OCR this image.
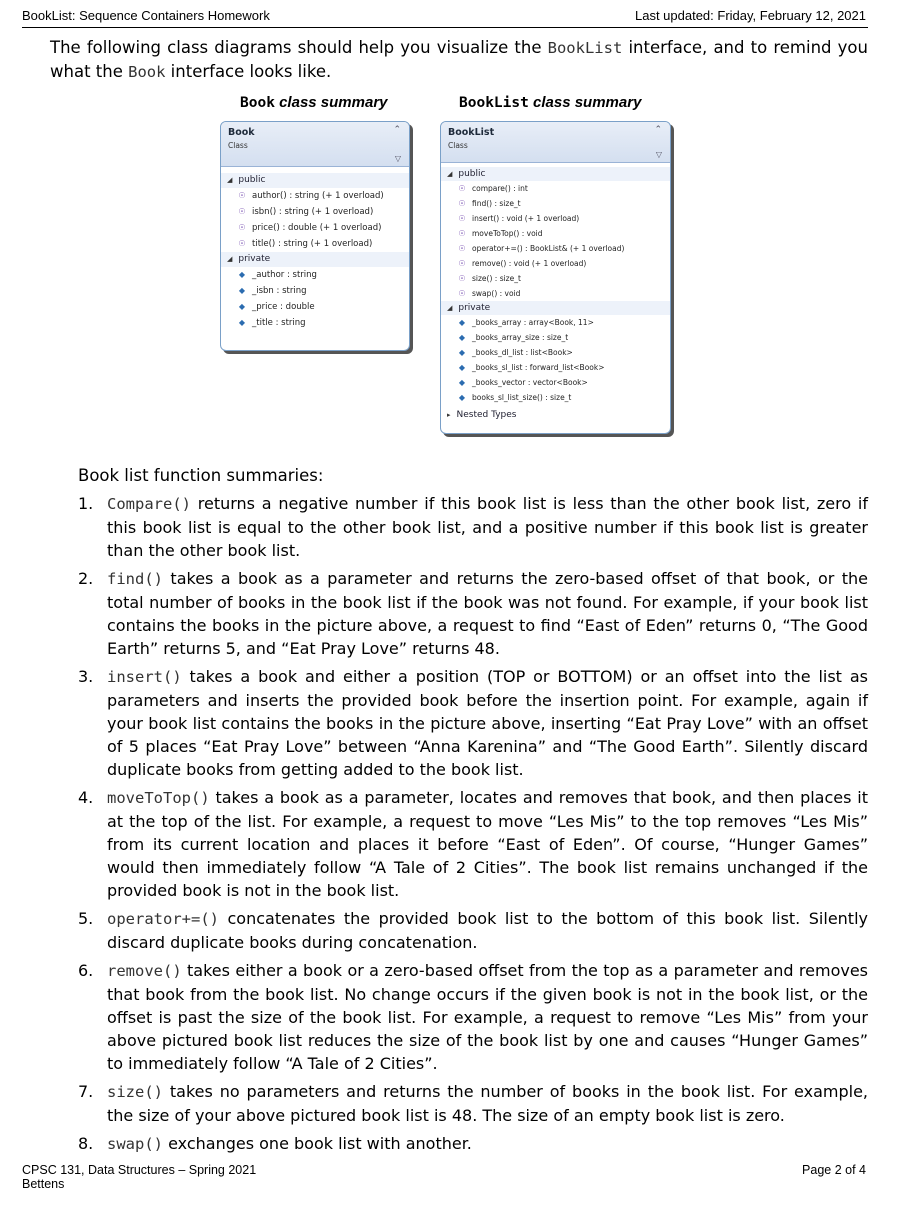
BookList: Sequence Containers Homework	Last updated: Friday, February 12, 2021
The following class diagrams should help you visualize the BookList interface, and to remind you what the Book interface looks like.
Book class summary	BookList class summary
Book
Class
⌃
▽
◢ public
☉ author() : string (+ 1 overload)
☉ isbn() : string (+ 1 overload)
☉ price() : double (+ 1 overload)
☉ title() : string (+ 1 overload)
◢ private
◆ _author : string
◆ _isbn : string
◆ _price : double
◆ _title : string
BookList
Class
⌃
▽
◢ public
☉ compare() : int
☉ find() : size_t
☉ insert() : void (+ 1 overload)
☉ moveToTop() : void
☉ operator+=() : BookList& (+ 1 overload)
☉ remove() : void (+ 1 overload)
☉ size() : size_t
☉ swap() : void
◢ private
◆ _books_array : array<Book, 11>
◆ _books_array_size : size_t
◆ _books_dl_list : list<Book>
◆ _books_sl_list : forward_list<Book>
◆ _books_vector : vector<Book>
◆ books_sl_list_size() : size_t
▸ Nested Types
Book list function summaries:
1. Compare() returns a negative number if this book list is less than the other book list, zero if this book list is equal to the other book list, and a positive number if this book list is greater than the other book list.
2. find() takes a book as a parameter and returns the zero-based offset of that book, or the total number of books in the book list if the book was not found. For example, if your book list contains the books in the picture above, a request to find “East of Eden” returns 0, “The Good Earth” returns 5, and “Eat Pray Love” returns 48.
3. insert() takes a book and either a position (TOP or BOTTOM) or an offset into the list as parameters and inserts the provided book before the insertion point. For example, again if your book list contains the books in the picture above, inserting “Eat Pray Love” with an offset of 5 places “Eat Pray Love” between “Anna Karenina” and “The Good Earth”. Silently discard duplicate books from getting added to the book list.
4. moveToTop() takes a book as a parameter, locates and removes that book, and then places it at the top of the list. For example, a request to move “Les Mis” to the top removes “Les Mis” from its current location and places it before “East of Eden”. Of course, “Hunger Games” would then immediately follow “A Tale of 2 Cities”. The book list remains unchanged if the provided book is not in the book list.
5. operator+=() concatenates the provided book list to the bottom of this book list. Silently discard duplicate books during concatenation.
6. remove() takes either a book or a zero-based offset from the top as a parameter and removes that book from the book list. No change occurs if the given book is not in the book list, or the offset is past the size of the book list. For example, a request to remove “Les Mis” from your above pictured book list reduces the size of the book list by one and causes “Hunger Games” to immediately follow “A Tale of 2 Cities”.
7. size() takes no parameters and returns the number of books in the book list. For example, the size of your above pictured book list is 48. The size of an empty book list is zero.
8. swap() exchanges one book list with another.
CPSC 131, Data Structures – Spring 2021
Bettens
Page 2 of 4
